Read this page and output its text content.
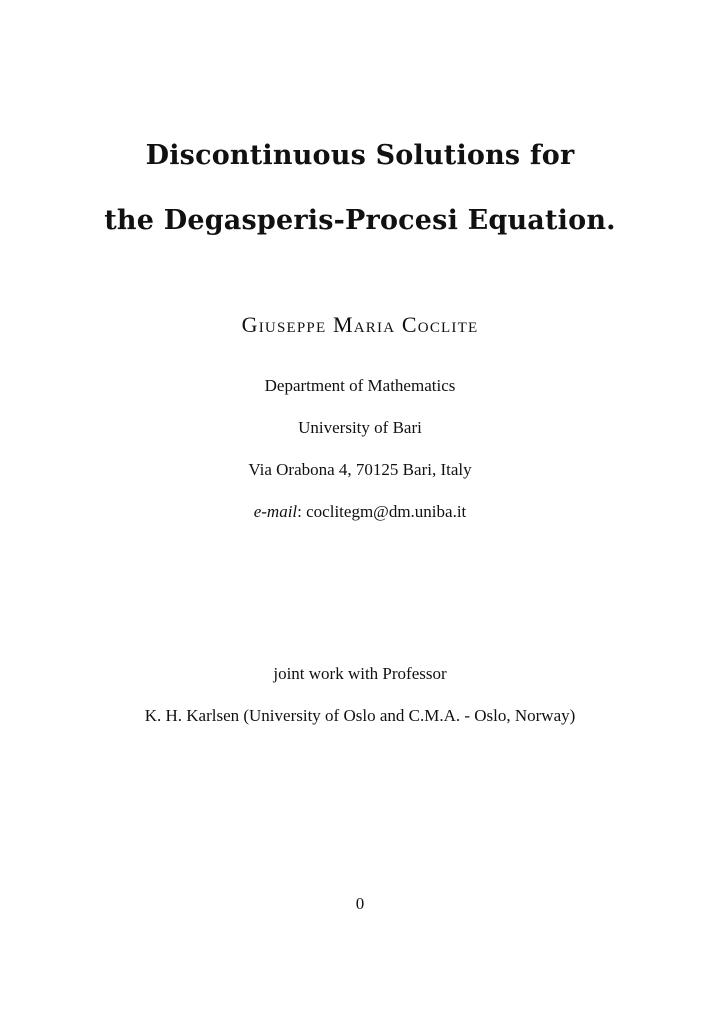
Discontinuous Solutions for
the Degasperis-Procesi Equation.
Giuseppe Maria Coclite
Department of Mathematics
University of Bari
Via Orabona 4, 70125 Bari, Italy
e-mail: coclitegm@dm.uniba.it
joint work with Professor
K. H. Karlsen (University of Oslo and C.M.A. - Oslo, Norway)
0
